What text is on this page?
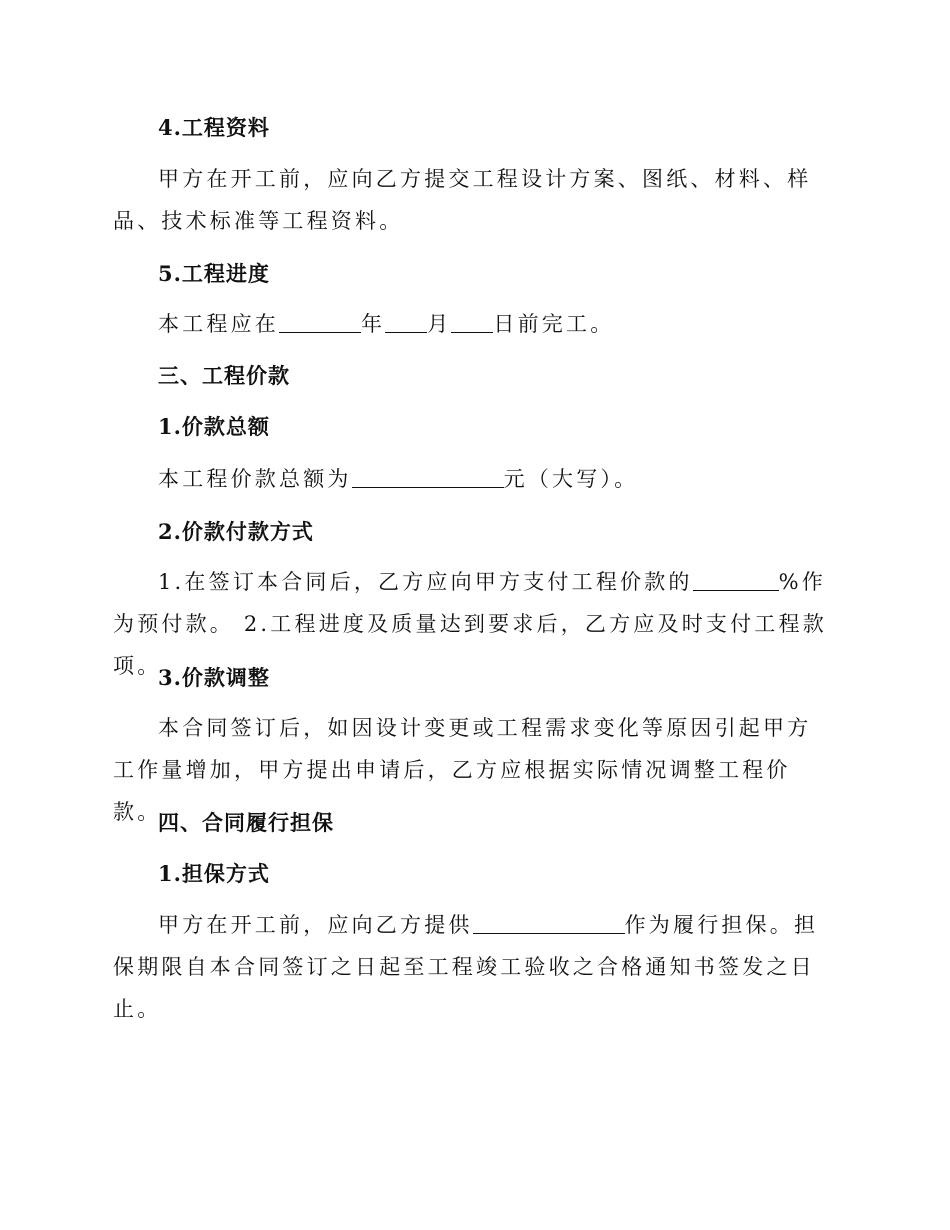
4.工程资料

甲方在开工前，应向乙方提交工程设计方案、图纸、材料、样品、技术标准等工程资料。

5.工程进度

本工程应在	年 月 日前完工。

三、工程价款
1.价款总额

本工程价款总额为	元（大写）。

2.价款付款方式

1.在签订本合同后，乙方应向甲方支付工程价款的	%作为预付款。 2.工程进度及质量达到要求后，乙方应及时支付工程款项。

3.价款调整

本合同签订后，如因设计变更或工程需求变化等原因引起甲方工作量增加，甲方提出申请后，乙方应根据实际情况调整工程价款。

四、合同履行担保
1.担保方式

甲方在开工前，应向乙方提供	作为履行担保。担保期限自本合同签订之日起至工程竣工验收之合格通知书签发之日止。
